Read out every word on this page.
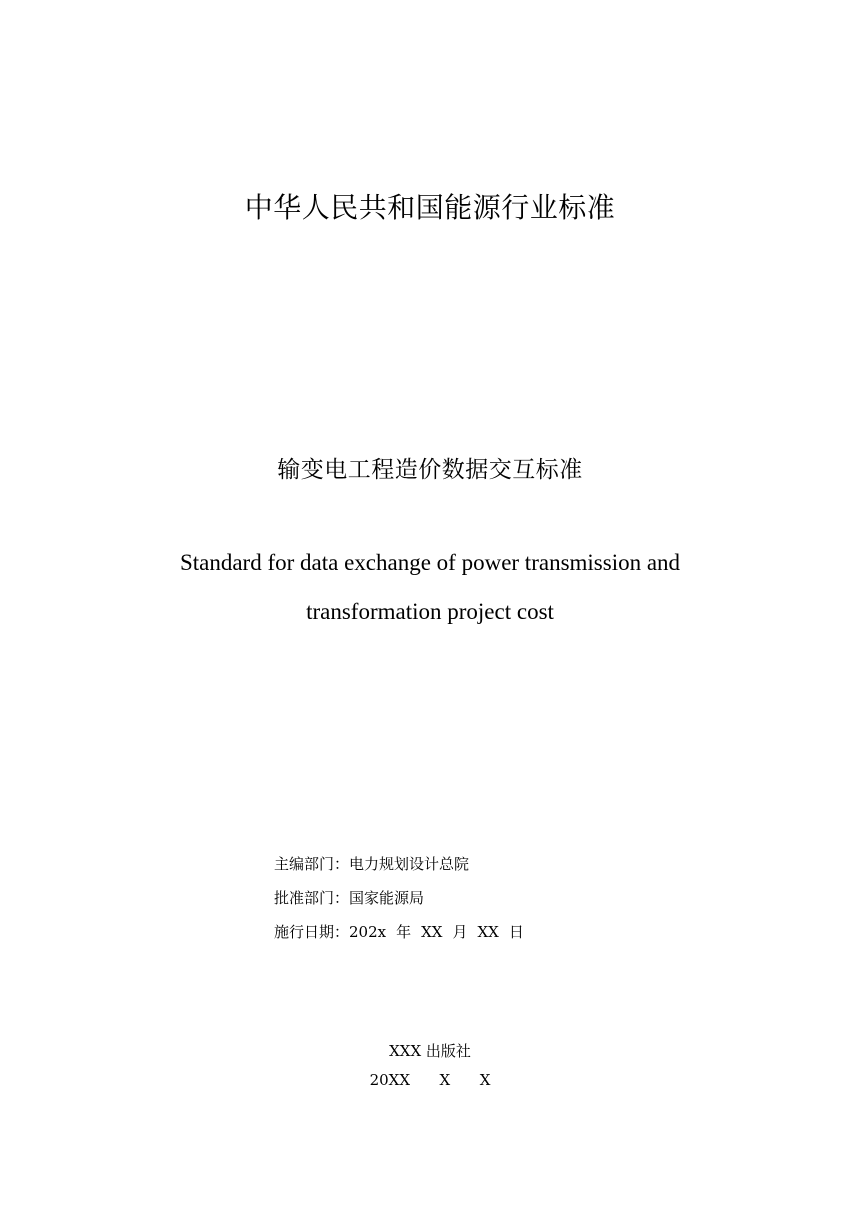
中华人民共和国能源行业标准
输变电工程造价数据交互标准
Standard for data exchange of power transmission and
transformation project cost
主编部门：电力规划设计总院
批准部门：国家能源局
施行日期：202x 年 XX 月 XX 日
XXX 出版社
20XX  X  X
